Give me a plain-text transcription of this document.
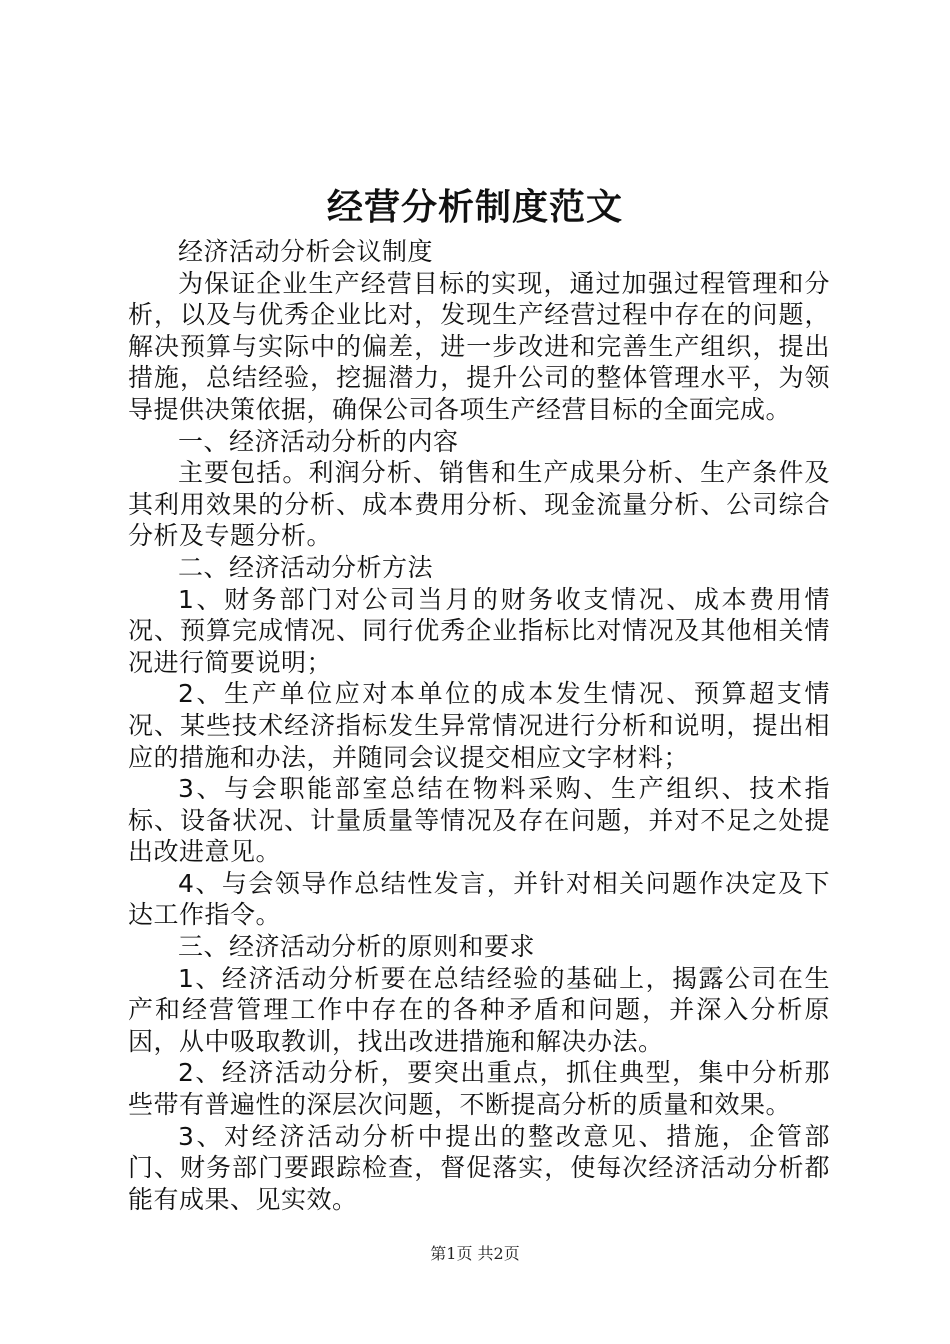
经营分析制度范文

经济活动分析会议制度

为保证企业生产经营目标的实现，通过加强过程管理和分析，以及与优秀企业比对，发现生产经营过程中存在的问题，解决预算与实际中的偏差，进一步改进和完善生产组织，提出措施，总结经验，挖掘潜力，提升公司的整体管理水平，为领导提供决策依据，确保公司各项生产经营目标的全面完成。

一、经济活动分析的内容

主要包括。利润分析、销售和生产成果分析、生产条件及其利用效果的分析、成本费用分析、现金流量分析、公司综合分析及专题分析。

二、经济活动分析方法

1、财务部门对公司当月的财务收支情况、成本费用情况、预算完成情况、同行优秀企业指标比对情况及其他相关情况进行简要说明；

2、生产单位应对本单位的成本发生情况、预算超支情况、某些技术经济指标发生异常情况进行分析和说明，提出相应的措施和办法，并随同会议提交相应文字材料；

3、与会职能部室总结在物料采购、生产组织、技术指标、设备状况、计量质量等情况及存在问题，并对不足之处提出改进意见。

4、与会领导作总结性发言，并针对相关问题作决定及下达工作指令。

三、经济活动分析的原则和要求

1、经济活动分析要在总结经验的基础上，揭露公司在生产和经营管理工作中存在的各种矛盾和问题，并深入分析原因，从中吸取教训，找出改进措施和解决办法。

2、经济活动分析，要突出重点，抓住典型，集中分析那些带有普遍性的深层次问题，不断提高分析的质量和效果。

3、对经济活动分析中提出的整改意见、措施，企管部门、财务部门要跟踪检查，督促落实，使每次经济活动分析都能有成果、见实效。

第1页 共2页
